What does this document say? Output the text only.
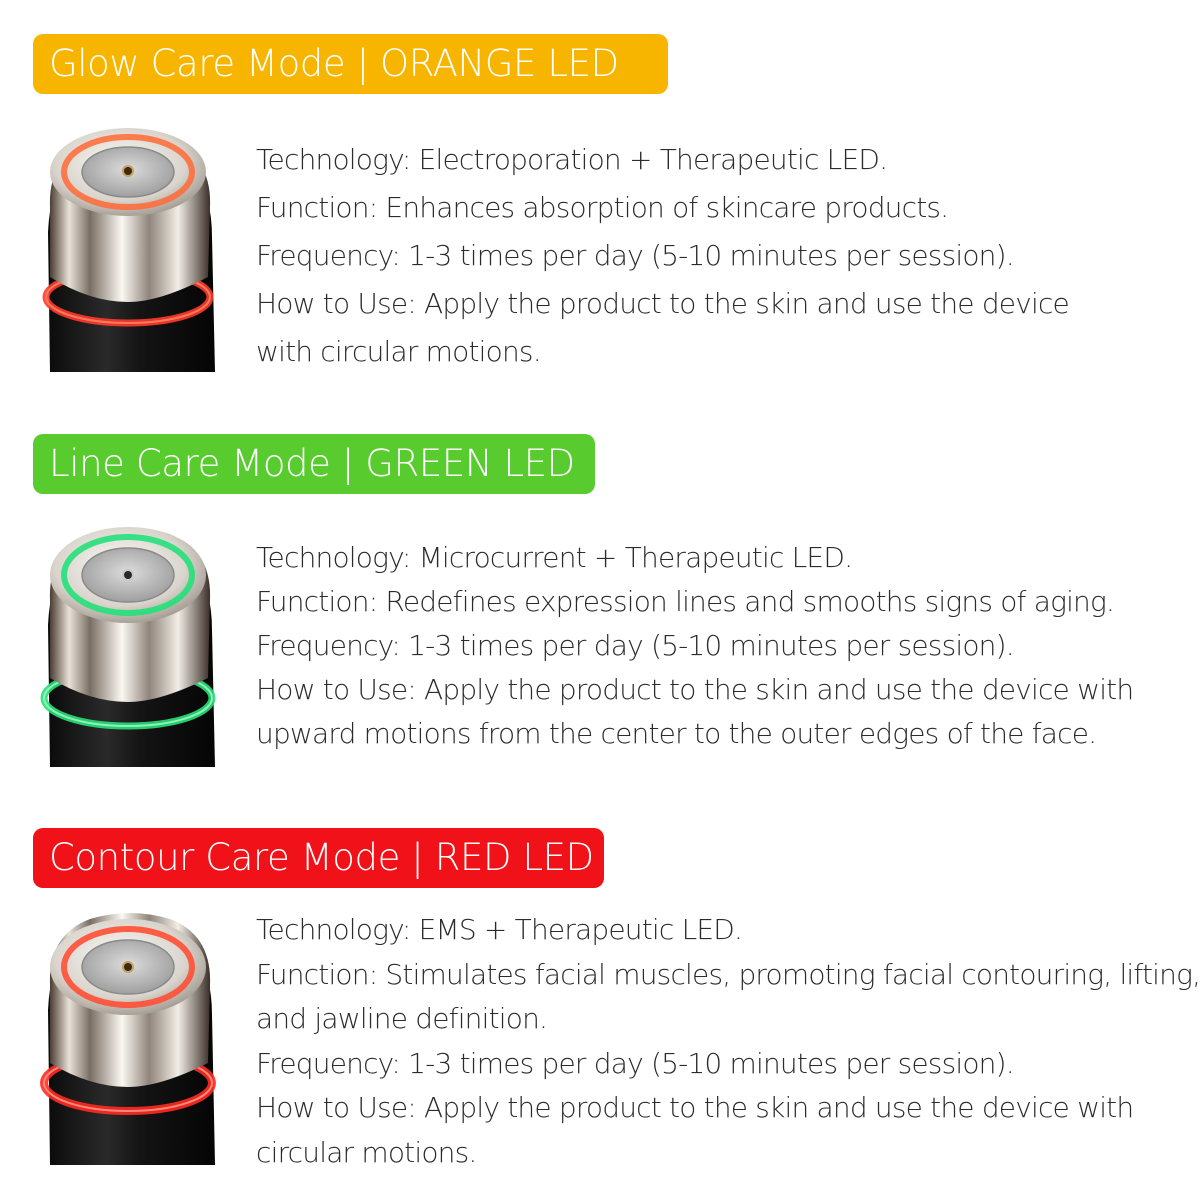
Glow Care Mode | ORANGE LED
Technology: Electroporation + Therapeutic LED.
Function: Enhances absorption of skincare products.
Frequency: 1-3 times per day (5-10 minutes per session).
How to Use: Apply the product to the skin and use the device
with circular motions.
Line Care Mode | GREEN LED
Technology: Microcurrent + Therapeutic LED.
Function: Redefines expression lines and smooths signs of aging.
Frequency: 1-3 times per day (5-10 minutes per session).
How to Use: Apply the product to the skin and use the device with
upward motions from the center to the outer edges of the face.
Contour Care Mode | RED LED
Technology: EMS + Therapeutic LED.
Function: Stimulates facial muscles, promoting facial contouring, lifting,
and jawline definition.
Frequency: 1-3 times per day (5-10 minutes per session).
How to Use: Apply the product to the skin and use the device with
circular motions.
